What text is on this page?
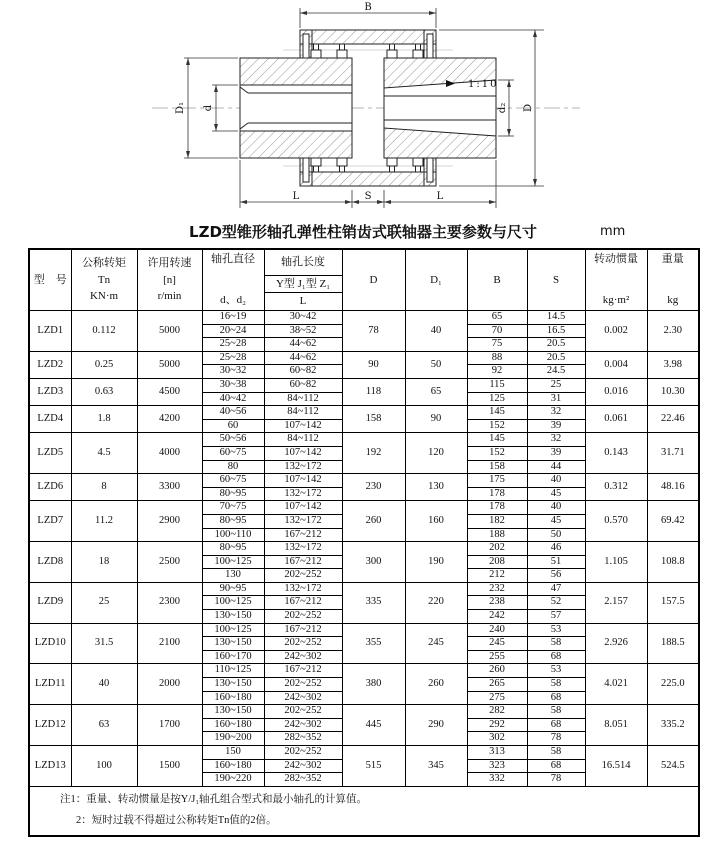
B
D₁ d	d₂ D
L	S	L
1:10
LZD型锥形轴孔弹性柱销齿式联轴器主要参数与尺寸	mm
型　号	公称转矩
Tn
KN·m	许用转速
[n]
r/min	轴孔直径
d、d₂	轴孔长度	D	D₁	B	S	转动惯量
kg·m²	重量
kg

				Y型 J₁型 Z₁						
				L						
LZD1	0.112	5000	16~19	30~42	78	40	65	14.5	0.002	2.30
			20~24	38~52			70	16.5		
			25~28	44~62			75	20.5		
LZD2	0.25	5000	25~28	44~62	90	50	88	20.5	0.004	3.98
			30~32	60~82			92	24.5		
LZD3	0.63	4500	30~38	60~82	118	65	115	25	0.016	10.30
			40~42	84~112			125	31		
LZD4	1.8	4200	40~56	84~112	158	90	145	32	0.061	22.46
			60	107~142			152	39		
LZD5	4.5	4000	50~56	84~112	192	120	145	32	0.143	31.71
			60~75	107~142			152	39		
			80	132~172			158	44		
LZD6	8	3300	60~75	107~142	230	130	175	40	0.312	48.16
			80~95	132~172			178	45		
LZD7	11.2	2900	70~75	107~142	260	160	178	40	0.570	69.42
			80~95	132~172			182	45		
			100~110	167~212			188	50		
LZD8	18	2500	80~95	132~172	300	190	202	46	1.105	108.8
			100~125	167~212			208	51		
			130	202~252			212	56		
LZD9	25	2300	90~95	132~172	335	220	232	47	2.157	157.5
			100~125	167~212			238	52		
			130~150	202~252			242	57		
LZD10	31.5	2100	100~125	167~212	355	245	240	53	2.926	188.5
			130~150	202~252			245	58		
			160~170	242~302			255	68		
LZD11	40	2000	110~125	167~212	380	260	260	53	4.021	225.0
			130~150	202~252			265	58		
			160~180	242~302			275	68		
LZD12	63	1700	130~150	202~252	445	290	282	58	8.051	335.2
			160~180	242~302			292	68		
			190~200	282~352			302	78		
LZD13	100	1500	150	202~252	515	345	313	58	16.514	524.5
			160~180	242~302			323	68		
			190~220	282~352			332	78		

注1：重量、转动惯量是按Y/J₁轴孔组合型式和最小轴孔的计算值。
2：短时过载不得超过公称转矩Tn值的2倍。										
